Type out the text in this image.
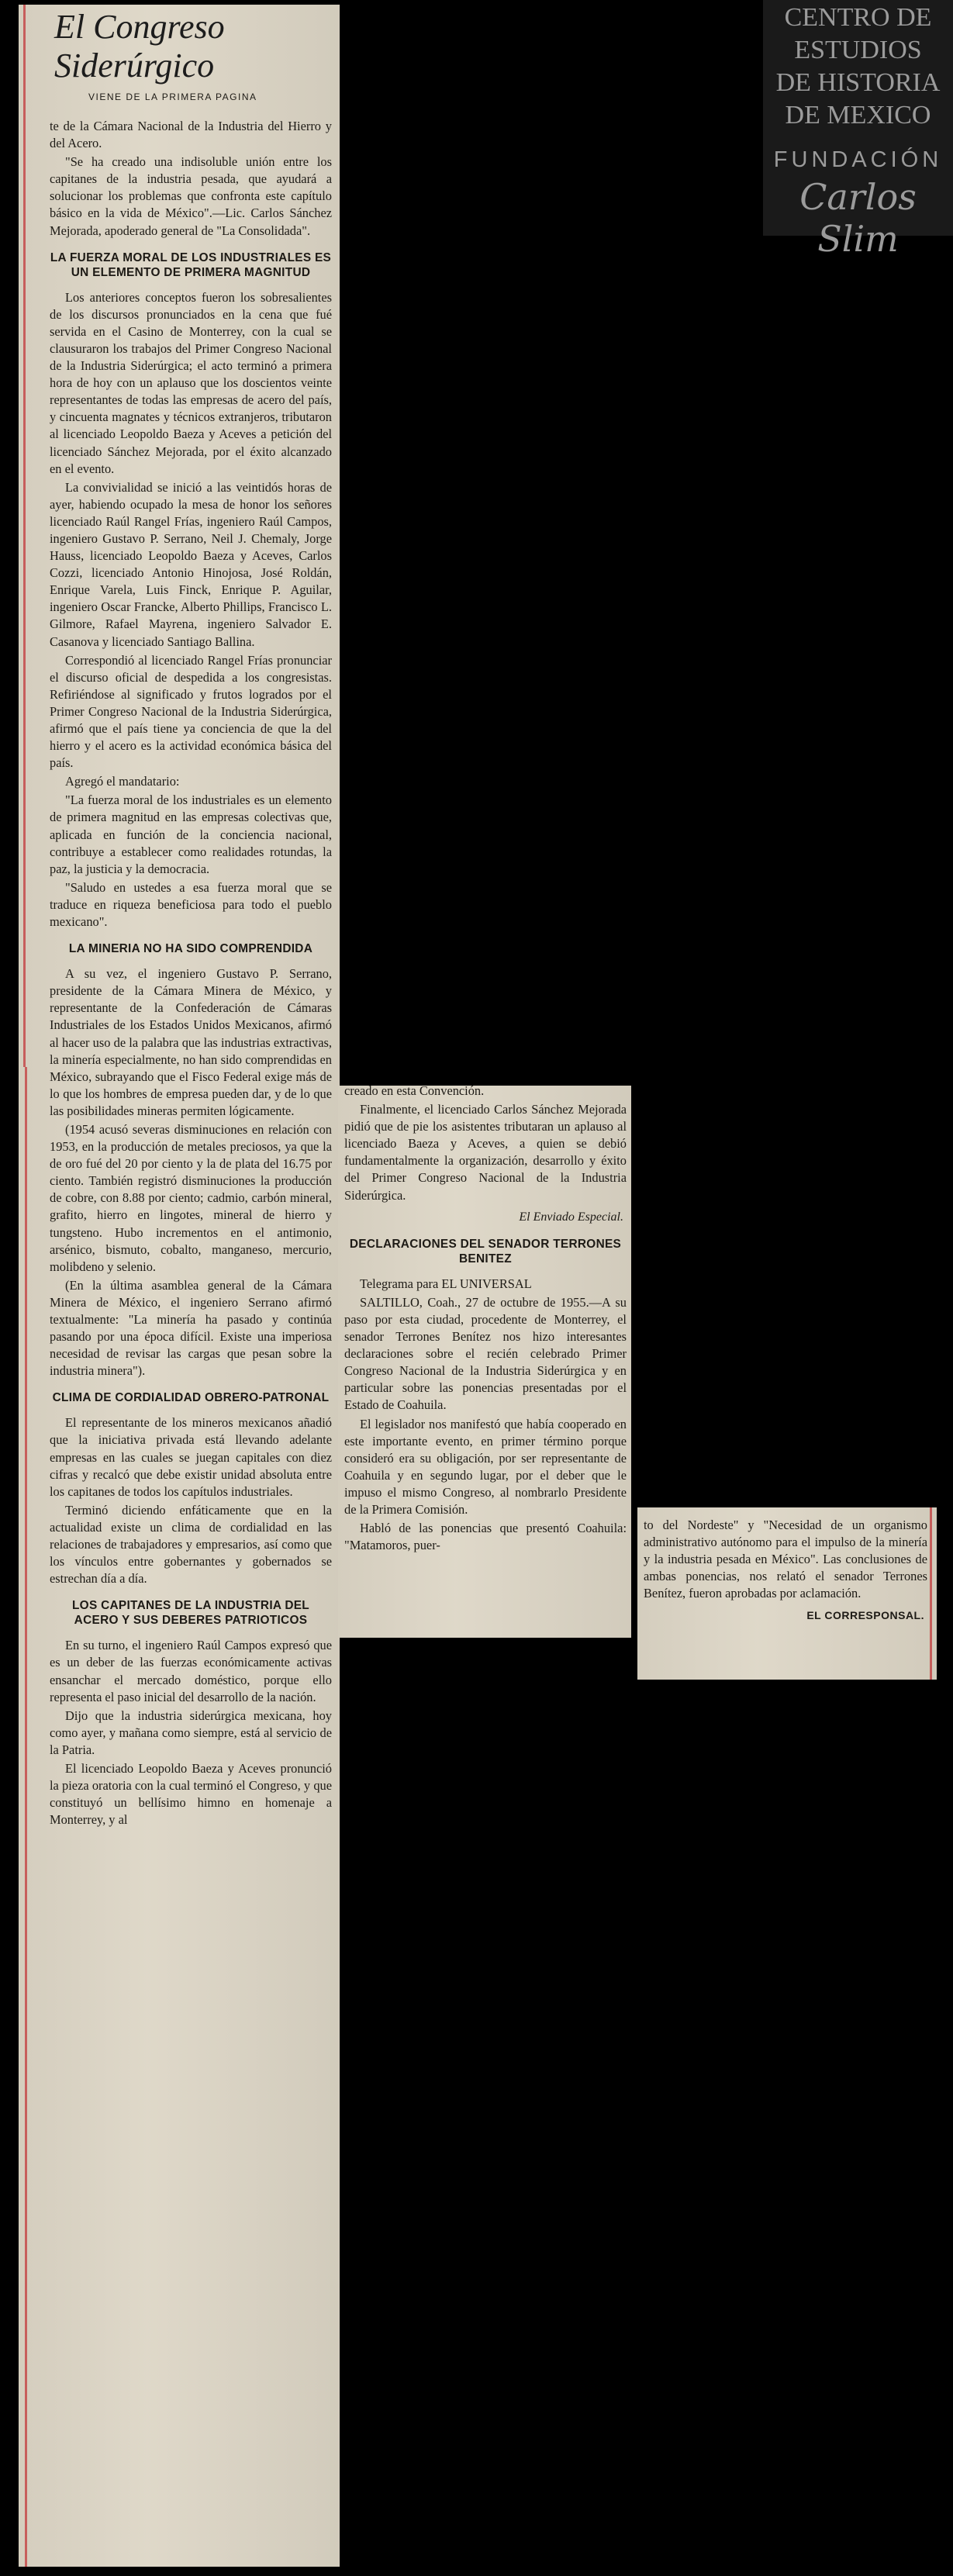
El Congreso
Siderúrgico
VIENE DE LA PRIMERA PAGINA

te de la Cámara Nacional de la Industria del Hierro y del Acero.

"Se ha creado una indisoluble unión entre los capitanes de la industria pesada, que ayudará a solucionar los problemas que confronta este capítulo básico en la vida de México".—Lic. Carlos Sánchez Mejorada, apoderado general de "La Consolidada".

LA FUERZA MORAL DE LOS INDUSTRIALES ES UN ELEMENTO DE PRIMERA MAGNITUD

Los anteriores conceptos fueron los sobresalientes de los discursos pronunciados en la cena que fué servida en el Casino de Monterrey, con la cual se clausuraron los trabajos del Primer Congreso Nacional de la Industria Siderúrgica; el acto terminó a primera hora de hoy con un aplauso que los doscientos veinte representantes de todas las empresas de acero del país, y cincuenta magnates y técnicos extranjeros, tributaron al licenciado Leopoldo Baeza y Aceves a petición del licenciado Sánchez Mejorada, por el éxito alcanzado en el evento.

La convivialidad se inició a las veintidós horas de ayer, habiendo ocupado la mesa de honor los señores licenciado Raúl Rangel Frías, ingeniero Raúl Campos, ingeniero Gustavo P. Serrano, Neil J. Chemaly, Jorge Hauss, licenciado Leopoldo Baeza y Aceves, Carlos Cozzi, licenciado Antonio Hinojosa, José Roldán, Enrique Varela, Luis Finck, Enrique P. Aguilar, ingeniero Oscar Francke, Alberto Phillips, Francisco L. Gilmore, Rafael Mayrena, ingeniero Salvador E. Casanova y licenciado Santiago Ballina.

Correspondió al licenciado Rangel Frías pronunciar el discurso oficial de despedida a los congresistas. Refiriéndose al significado y frutos logrados por el Primer Congreso Nacional de la Industria Siderúrgica, afirmó que el país tiene ya conciencia de que la del hierro y el acero es la actividad económica básica del país.

Agregó el mandatario:

"La fuerza moral de los industriales es un elemento de primera magnitud en las empresas colectivas que, aplicada en función de la conciencia nacional, contribuye a establecer como realidades rotundas, la paz, la justicia y la democracia.

"Saludo en ustedes a esa fuerza moral que se traduce en riqueza beneficiosa para todo el pueblo mexicano".

LA MINERIA NO HA SIDO COMPRENDIDA

A su vez, el ingeniero Gustavo P. Serrano, presidente de la Cámara Minera de México, y representante de la Confederación de Cámaras Industriales de los Estados Unidos Mexicanos, afirmó al hacer uso de la palabra que las industrias extractivas, la minería especialmente, no han sido comprendidas en México, subrayando que el Fisco Federal exige más de lo que los hombres de empresa pueden dar, y de lo que las posibilidades mineras permiten lógicamente.

(1954 acusó severas disminuciones en relación con 1953, en la producción de metales preciosos, ya que la de oro fué del 20 por ciento y la de plata del 16.75 por ciento. También registró disminuciones la producción de cobre, con 8.88 por ciento; cadmio, carbón mineral, grafito, hierro en lingotes, mineral de hierro y tungsteno. Hubo incrementos en el antimonio, arsénico, bismuto, cobalto, manganeso, mercurio, molibdeno y selenio.

(En la última asamblea general de la Cámara Minera de México, el ingeniero Serrano afirmó textualmente: "La minería ha pasado y continúa pasando por una época difícil. Existe una imperiosa necesidad de revisar las cargas que pesan sobre la industria minera").

CLIMA DE CORDIALIDAD OBRERO-PATRONAL

El representante de los mineros mexicanos añadió que la iniciativa privada está llevando adelante empresas en las cuales se juegan capitales con diez cifras y recalcó que debe existir unidad absoluta entre los capitanes de todos los capítulos industriales.

Terminó diciendo enfáticamente que en la actualidad existe un clima de cordialidad en las relaciones de trabajadores y empresarios, así como que los vínculos entre gobernantes y gobernados se estrechan día a día.

LOS CAPITANES DE LA INDUSTRIA DEL ACERO Y SUS DEBERES PATRIOTICOS

En su turno, el ingeniero Raúl Campos expresó que es un deber de las fuerzas económicamente activas ensanchar el mercado doméstico, porque ello representa el paso inicial del desarrollo de la nación.

Dijo que la industria siderúrgica mexicana, hoy como ayer, y mañana como siempre, está al servicio de la Patria.

El licenciado Leopoldo Baeza y Aceves pronunció la pieza oratoria con la cual terminó el Congreso, y que constituyó un bellísimo himno en homenaje a Monterrey, y al

creado en esta Convención.

Finalmente, el licenciado Carlos Sánchez Mejorada pidió que de pie los asistentes tributaran un aplauso al licenciado Baeza y Aceves, a quien se debió fundamentalmente la organización, desarrollo y éxito del Primer Congreso Nacional de la Industria Siderúrgica.

El Enviado Especial.
DECLARACIONES DEL SENADOR TERRONES BENITEZ

Telegrama para EL UNIVERSAL

SALTILLO, Coah., 27 de octubre de 1955.—A su paso por esta ciudad, procedente de Monterrey, el senador Terrones Benítez nos hizo interesantes declaraciones sobre el recién celebrado Primer Congreso Nacional de la Industria Siderúrgica y en particular sobre las ponencias presentadas por el Estado de Coahuila.

El legislador nos manifestó que había cooperado en este importante evento, en primer término porque consideró era su obligación, por ser representante de Coahuila y en segundo lugar, por el deber que le impuso el mismo Congreso, al nombrarlo Presidente de la Primera Comisión.

Habló de las ponencias que presentó Coahuila: "Matamoros, puer-

to del Nordeste" y "Necesidad de un organismo administrativo autónomo para el impulso de la minería y la industria pesada en México". Las conclusiones de ambas ponencias, nos relató el senador Terrones Benítez, fueron aprobadas por aclamación.

EL CORRESPONSAL.
CENTRO DE
ESTUDIOS
DE HISTORIA
DE MEXICO
FUNDACIÓN
Carlos Slim
